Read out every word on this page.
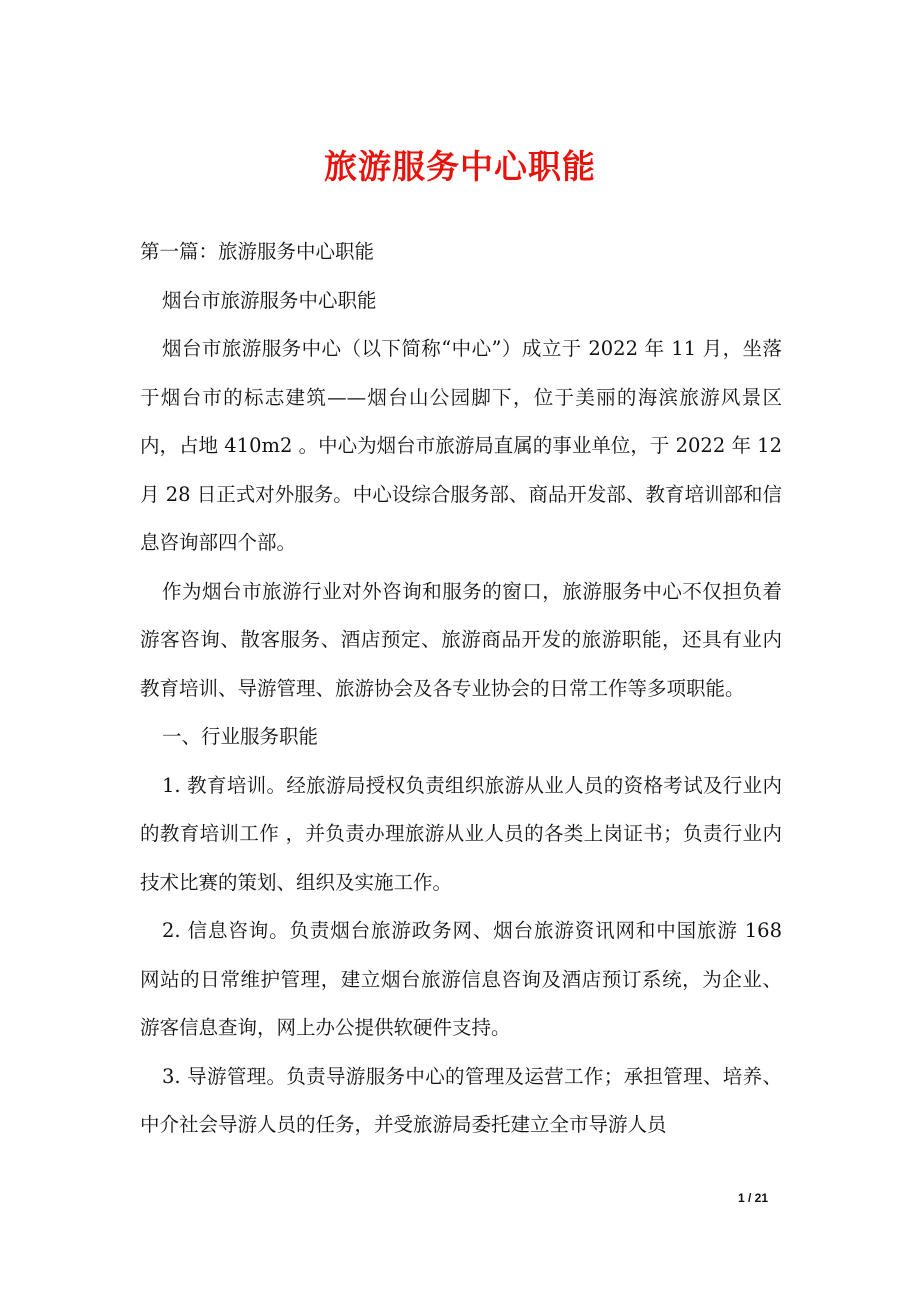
旅游服务中心职能

第一篇：旅游服务中心职能

烟台市旅游服务中心职能

烟台市旅游服务中心（以下简称“中心”）成立于 2022 年 11 月，坐落于烟台市的标志建筑——烟台山公园脚下，位于美丽的海滨旅游风景区内，占地 410m2 。中心为烟台市旅游局直属的事业单位，于 2022 年 12 月 28 日正式对外服务。中心设综合服务部、商品开发部、教育培训部和信息咨询部四个部。

作为烟台市旅游行业对外咨询和服务的窗口，旅游服务中心不仅担负着游客咨询、散客服务、酒店预定、旅游商品开发的旅游职能，还具有业内教育培训、导游管理、旅游协会及各专业协会的日常工作等多项职能。

一、行业服务职能

1. 教育培训。经旅游局授权负责组织旅游从业人员的资格考试及行业内的教育培训工作 ，并负责办理旅游从业人员的各类上岗证书；负责行业内技术比赛的策划、组织及实施工作。

2. 信息咨询。负责烟台旅游政务网、烟台旅游资讯网和中国旅游 168 网站的日常维护管理，建立烟台旅游信息咨询及酒店预订系统，为企业、游客信息查询，网上办公提供软硬件支持。

3. 导游管理。负责导游服务中心的管理及运营工作；承担管理、培养、中介社会导游人员的任务，并受旅游局委托建立全市导游人员

1 / 21
